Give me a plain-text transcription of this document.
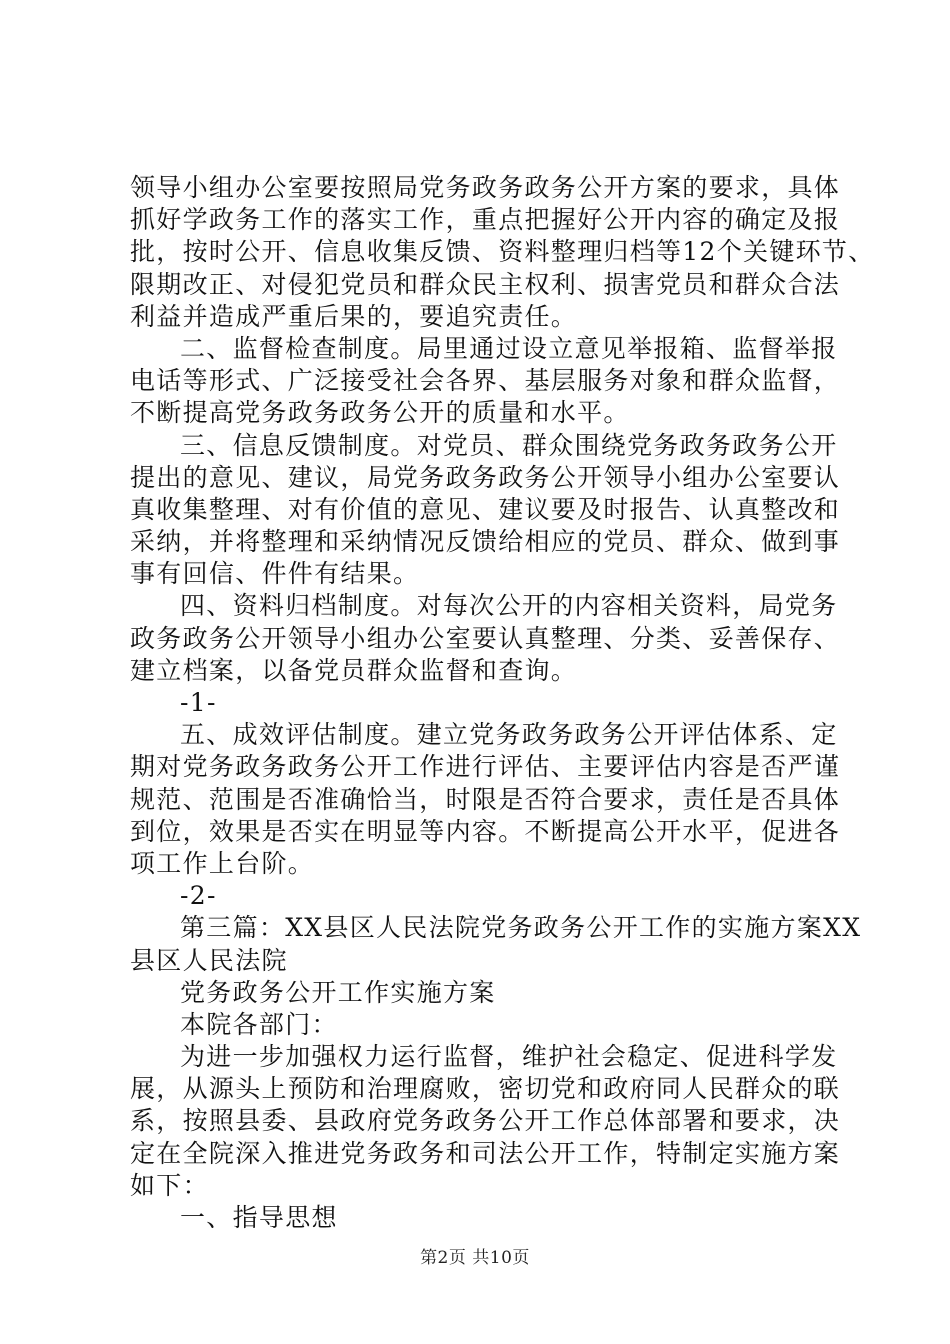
领导小组办公室要按照局党务政务政务公开方案的要求，具体
抓好学政务工作的落实工作，重点把握好公开内容的确定及报
批，按时公开、信息收集反馈、资料整理归档等12个关键环节、
限期改正、对侵犯党员和群众民主权利、损害党员和群众合法
利益并造成严重后果的，要追究责任。
二、监督检查制度。局里通过设立意见举报箱、监督举报
电话等形式、广泛接受社会各界、基层服务对象和群众监督，
不断提高党务政务政务公开的质量和水平。
三、信息反馈制度。对党员、群众围绕党务政务政务公开
提出的意见、建议，局党务政务政务公开领导小组办公室要认
真收集整理、对有价值的意见、建议要及时报告、认真整改和
采纳，并将整理和采纳情况反馈给相应的党员、群众、做到事
事有回信、件件有结果。
四、资料归档制度。对每次公开的内容相关资料，局党务
政务政务公开领导小组办公室要认真整理、分类、妥善保存、
建立档案，以备党员群众监督和查询。
-1-
五、成效评估制度。建立党务政务政务公开评估体系、定
期对党务政务政务公开工作进行评估、主要评估内容是否严谨
规范、范围是否准确恰当，时限是否符合要求，责任是否具体
到位，效果是否实在明显等内容。不断提高公开水平，促进各
项工作上台阶。
-2-
第三篇：XX县区人民法院党务政务公开工作的实施方案XX
县区人民法院
党务政务公开工作实施方案
本院各部门：
为进一步加强权力运行监督，维护社会稳定、促进科学发
展，从源头上预防和治理腐败，密切党和政府同人民群众的联
系，按照县委、县政府党务政务公开工作总体部署和要求，决
定在全院深入推进党务政务和司法公开工作，特制定实施方案
如下：
一、指导思想
第2页 共10页
